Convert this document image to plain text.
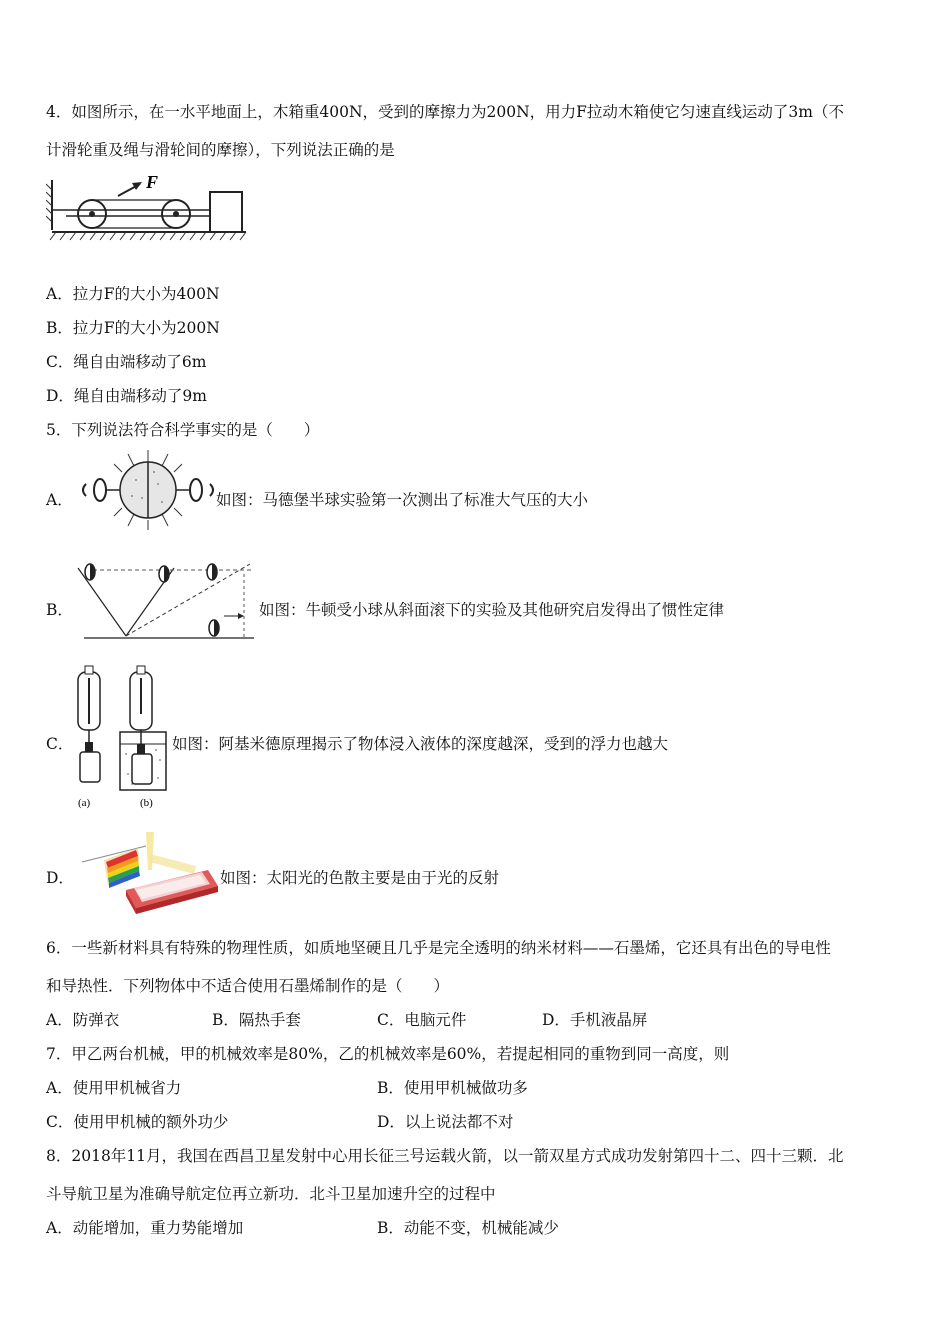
4．如图所示，在一水平地面上，木箱重400N，受到的摩擦力为200N，用力F拉动木箱使它匀速直线运动了3m（不
计滑轮重及绳与滑轮间的摩擦），下列说法正确的是
F
A．拉力F的大小为400N
B．拉力F的大小为200N
C．绳自由端移动了6m
D．绳自由端移动了9m
5．下列说法符合科学事实的是（　　）
A．	如图：马德堡半球实验第一次测出了标准大气压的大小
B．	如图：牛顿受小球从斜面滚下的实验及其他研究启发得出了惯性定律
C．
(a)	(b)
如图：阿基米德原理揭示了物体浸入液体的深度越深，受到的浮力也越大
D．	如图：太阳光的色散主要是由于光的反射
6．一些新材料具有特殊的物理性质，如质地坚硬且几乎是完全透明的纳米材料——石墨烯，它还具有出色的导电性
和导热性．下列物体中不适合使用石墨烯制作的是（　　）
A．防弹衣	B．隔热手套	C．电脑元件	D．手机液晶屏
7．甲乙两台机械，甲的机械效率是80%，乙的机械效率是60%，若提起相同的重物到同一高度，则
A．使用甲机械省力	B．使用甲机械做功多
C．使用甲机械的额外功少	D．以上说法都不对
8．2018年11月，我国在西昌卫星发射中心用长征三号运载火箭，以一箭双星方式成功发射第四十二、四十三颗．北
斗导航卫星为准确导航定位再立新功．北斗卫星加速升空的过程中
A．动能增加，重力势能增加	B．动能不变，机械能减少
